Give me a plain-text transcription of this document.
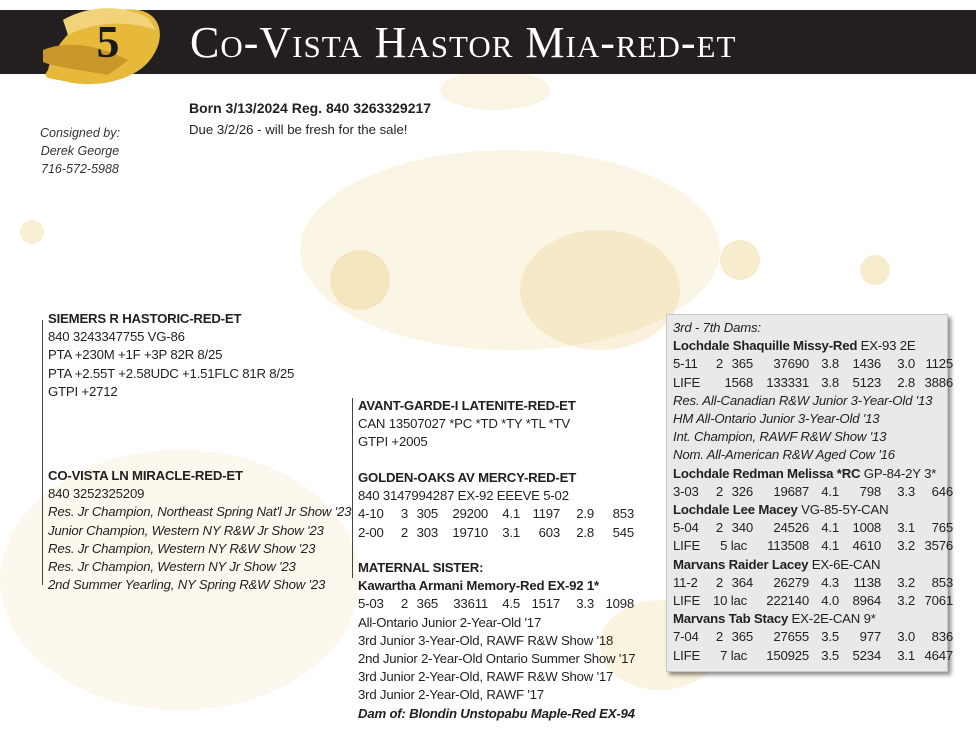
5	Co-Vista Hastor Mia-red-et
Born 3/13/2024 Reg. 840 3263329217
Due 3/2/26 - will be fresh for the sale!
Consigned by:
Derek George
716-572-5988
SIEMERS R HASTORIC-RED-ET
840 3243347755 VG-86
PTA +230M +1F +3P 82R 8/25
PTA +2.55T +2.58UDC +1.51FLC 81R 8/25
GTPI +2712
CO-VISTA LN MIRACLE-RED-ET
840 3252325209
Res. Jr Champion, Northeast Spring Nat'l Jr Show '23
Junior Champion, Western NY R&W Jr Show '23
Res. Jr Champion, Western NY R&W Show '23
Res. Jr Champion, Western NY Jr Show '23
2nd Summer Yearling, NY Spring R&W Show '23
AVANT-GARDE-I LATENITE-RED-ET
CAN 13507027 *PC *TD *TY *TL *TV
GTPI +2005
GOLDEN-OAKS AV MERCY-RED-ET
840 3147994287 EX-92 EEEVE 5-02
4-10	3 305	29200	4.1 1197	2.9	853
2-00	2 303	19710	3.1	603	2.8	545
MATERNAL SISTER:
Kawartha Armani Memory-Red EX-92 1*
5-03	2 365	33611	4.5 1517	3.3 1098
All-Ontario Junior 2-Year-Old '17
3rd Junior 3-Year-Old, RAWF R&W Show '18
2nd Junior 2-Year-Old Ontario Summer Show '17
3rd Junior 2-Year-Old, RAWF R&W Show '17
3rd Junior 2-Year-Old, RAWF '17
Dam of: Blondin Unstopabu Maple-Red EX-94
3rd - 7th Dams:
Lochdale Shaquille Missy-Red EX-93 2E
5-11	2 365	37690 3.8	1436	3.0 1125
LIFE 1568 133331 3.8	5123	2.8 3886
Res. All-Canadian R&W Junior 3-Year-Old '13
HM All-Ontario Junior 3-Year-Old '13
Int. Champion, RAWF R&W Show '13
Nom. All-American R&W Aged Cow '16
Lochdale Redman Melissa *RC GP-84-2Y 3*
3-03	2 326	19687 4.1	798	3.3	646
Lochdale Lee Macey VG-85-5Y-CAN
5-04	2 340	24526 4.1	1008	3.1	765
LIFE	5 lac	113508 4.1	4610	3.2 3576
Marvans Raider Lacey EX-6E-CAN
11-2	2 364	26279 4.3	1138	3.2	853
LIFE 10 lac	222140 4.0	8964	3.2 7061
Marvans Tab Stacy EX-2E-CAN 9*
7-04	2 365	27655 3.5	977	3.0	836
LIFE	7 lac	150925 3.5	5234	3.1 4647
